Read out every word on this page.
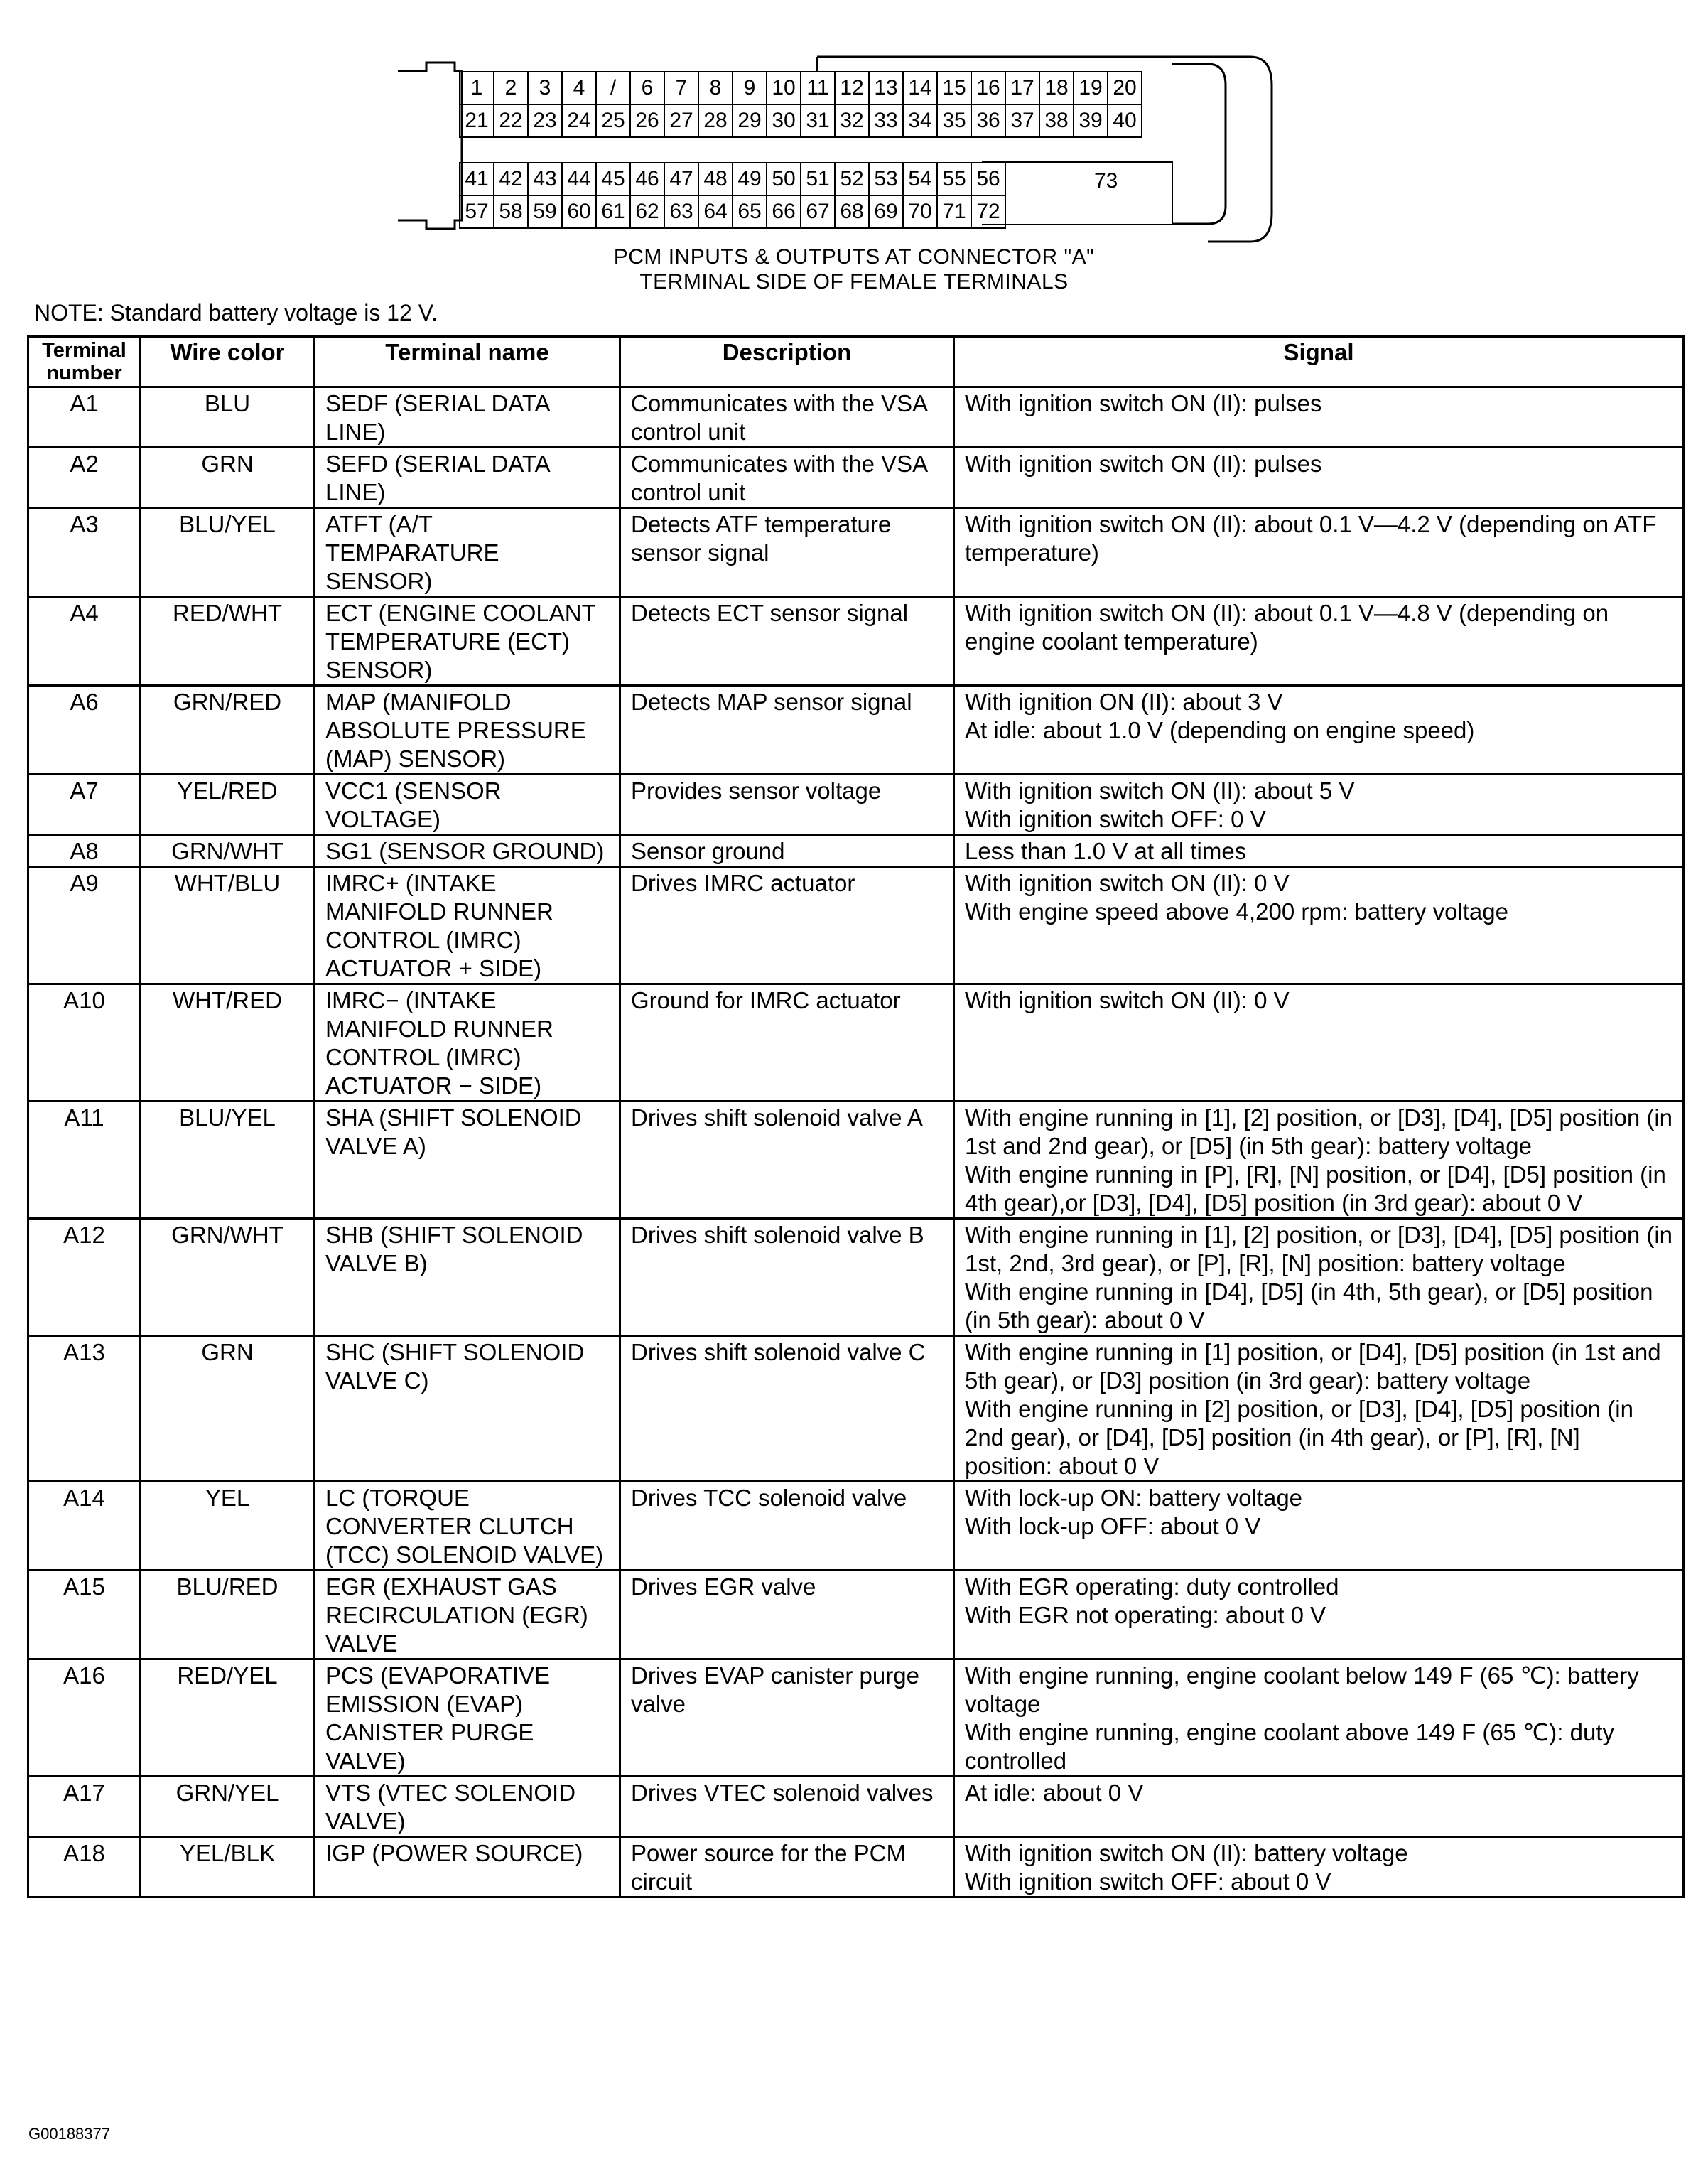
1	2	3	4	/	6	7	8	9	10	11	12	13	14	15	16	17	18	19	20
21	22	23	24	25	26	27	28	29	30	31	32	33	34	35	36	37	38	39	40
41	42	43	44	45	46	47	48	49	50	51	52	53	54	55	56
57	58	59	60	61	62	63	64	65	66	67	68	69	70	71	72
73
PCM INPUTS & OUTPUTS AT CONNECTOR "A"
TERMINAL SIDE OF FEMALE TERMINALS
NOTE: Standard battery voltage is 12 V.
Terminal number	Wire color	Terminal name	Description	Signal
A1	BLU	SEDF (SERIAL DATA LINE)	Communicates with the VSA control unit	With ignition switch ON (II): pulses
A2	GRN	SEFD (SERIAL DATA LINE)	Communicates with the VSA control unit	With ignition switch ON (II): pulses
A3	BLU/YEL	ATFT (A/T TEMPARATURE SENSOR)	Detects ATF temperature sensor signal	With ignition switch ON (II): about 0.1 V—4.2 V (depending on ATF temperature)
A4	RED/WHT	ECT (ENGINE COOLANT TEMPERATURE (ECT) SENSOR)	Detects ECT sensor signal	With ignition switch ON (II): about 0.1 V—4.8 V (depending on engine coolant temperature)
A6	GRN/RED	MAP (MANIFOLD ABSOLUTE PRESSURE (MAP) SENSOR)	Detects MAP sensor signal	With ignition ON (II): about 3 V
At idle: about 1.0 V (depending on engine speed)
A7	YEL/RED	VCC1 (SENSOR VOLTAGE)	Provides sensor voltage	With ignition switch ON (II): about 5 V
With ignition switch OFF: 0 V
A8	GRN/WHT	SG1 (SENSOR GROUND)	Sensor ground	Less than 1.0 V at all times
A9	WHT/BLU	IMRC+ (INTAKE MANIFOLD RUNNER CONTROL (IMRC) ACTUATOR + SIDE)	Drives IMRC actuator	With ignition switch ON (II): 0 V
With engine speed above 4,200 rpm: battery voltage
A10	WHT/RED	IMRC− (INTAKE MANIFOLD RUNNER CONTROL (IMRC) ACTUATOR − SIDE)	Ground for IMRC actuator	With ignition switch ON (II): 0 V
A11	BLU/YEL	SHA (SHIFT SOLENOID VALVE A)	Drives shift solenoid valve A	With engine running in [1], [2] position, or [D3], [D4], [D5] position (in 1st and 2nd gear), or [D5] (in 5th gear): battery voltage
With engine running in [P], [R], [N] position, or [D4], [D5] position (in 4th gear),or [D3], [D4], [D5] position (in 3rd gear): about 0 V
A12	GRN/WHT	SHB (SHIFT SOLENOID VALVE B)	Drives shift solenoid valve B	With engine running in [1], [2] position, or [D3], [D4], [D5] position (in 1st, 2nd, 3rd gear), or [P], [R], [N] position: battery voltage
With engine running in [D4], [D5] (in 4th, 5th gear), or [D5] position (in 5th gear): about 0 V
A13	GRN	SHC (SHIFT SOLENOID VALVE C)	Drives shift solenoid valve C	With engine running in [1] position, or [D4], [D5] position (in 1st and 5th gear), or [D3] position (in 3rd gear): battery voltage
With engine running in [2] position, or [D3], [D4], [D5] position (in 2nd gear), or [D4], [D5] position (in 4th gear), or [P], [R], [N] position: about 0 V
A14	YEL	LC (TORQUE CONVERTER CLUTCH (TCC) SOLENOID VALVE)	Drives TCC solenoid valve	With lock-up ON: battery voltage
With lock-up OFF: about 0 V
A15	BLU/RED	EGR (EXHAUST GAS RECIRCULATION (EGR) VALVE	Drives EGR valve	With EGR operating: duty controlled
With EGR not operating: about 0 V
A16	RED/YEL	PCS (EVAPORATIVE EMISSION (EVAP) CANISTER PURGE VALVE)	Drives EVAP canister purge valve	With engine running, engine coolant below 149 F (65 ℃): battery voltage
With engine running, engine coolant above 149 F (65 ℃): duty controlled
A17	GRN/YEL	VTS (VTEC SOLENOID VALVE)	Drives VTEC solenoid valves	At idle: about 0 V
A18	YEL/BLK	IGP (POWER SOURCE)	Power source for the PCM circuit	With ignition switch ON (II): battery voltage
With ignition switch OFF: about 0 V
G00188377
